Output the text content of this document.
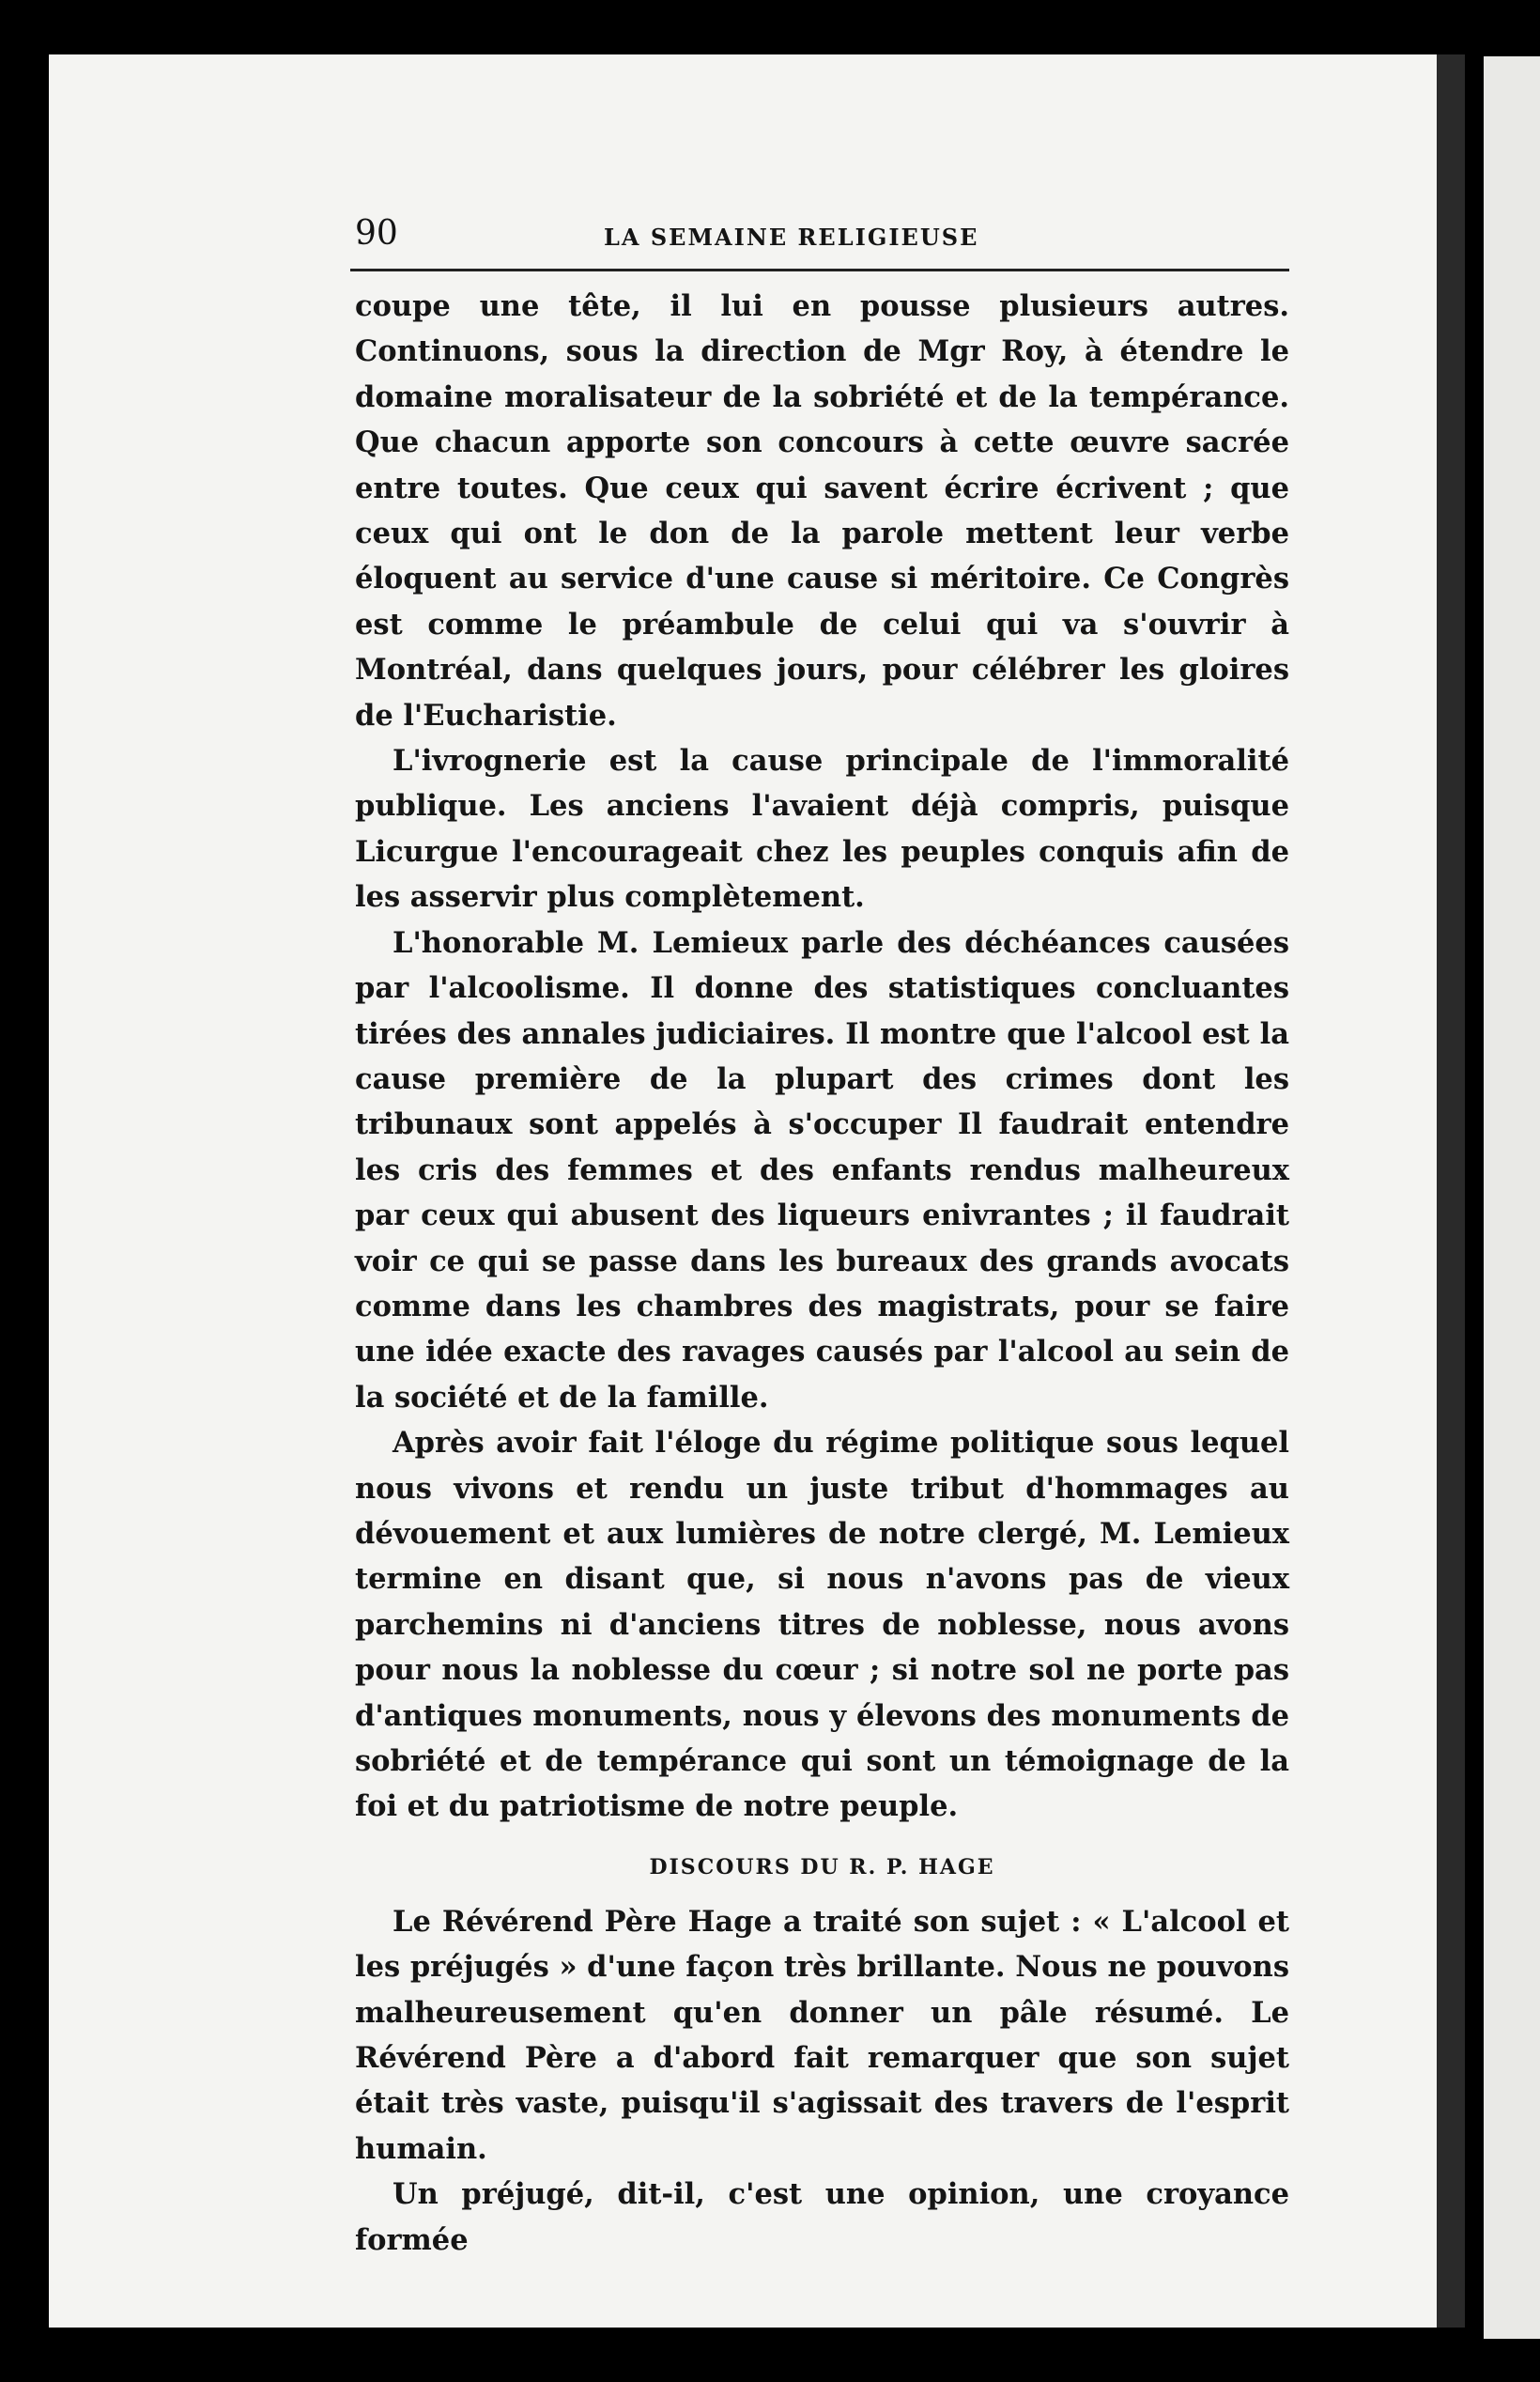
90	LA SEMAINE RELIGIEUSE

coupe une tête, il lui en pousse plusieurs autres. Continuons, sous la direction de Mgr Roy, à étendre le domaine moralisateur de la sobriété et de la tempérance. Que chacun apporte son concours à cette œuvre sacrée entre toutes. Que ceux qui savent écrire écrivent ; que ceux qui ont le don de la parole mettent leur verbe éloquent au service d'une cause si méritoire. Ce Congrès est comme le préambule de celui qui va s'ouvrir à Montréal, dans quelques jours, pour célébrer les gloires de l'Eucharistie.

L'ivrognerie est la cause principale de l'immoralité publique. Les anciens l'avaient déjà compris, puisque Licurgue l'encourageait chez les peuples conquis afin de les asservir plus complètement.

L'honorable M. Lemieux parle des déchéances causées par l'alcoolisme. Il donne des statistiques concluantes tirées des annales judiciaires. Il montre que l'alcool est la cause première de la plupart des crimes dont les tribunaux sont appelés à s'occuper Il faudrait entendre les cris des femmes et des enfants rendus malheureux par ceux qui abusent des liqueurs enivrantes ; il faudrait voir ce qui se passe dans les bureaux des grands avocats comme dans les chambres des magistrats, pour se faire une idée exacte des ravages causés par l'alcool au sein de la société et de la famille.

Après avoir fait l'éloge du régime politique sous lequel nous vivons et rendu un juste tribut d'hommages au dévouement et aux lumières de notre clergé, M. Lemieux termine en disant que, si nous n'avons pas de vieux parchemins ni d'anciens titres de noblesse, nous avons pour nous la noblesse du cœur ; si notre sol ne porte pas d'antiques monuments, nous y élevons des monuments de sobriété et de tempérance qui sont un témoignage de la foi et du patriotisme de notre peuple.

DISCOURS DU R. P. HAGE

Le Révérend Père Hage a traité son sujet : « L'alcool et les préjugés » d'une façon très brillante. Nous ne pouvons malheureusement qu'en donner un pâle résumé. Le Révérend Père a d'abord fait remarquer que son sujet était très vaste, puisqu'il s'agissait des travers de l'esprit humain.

Un préjugé, dit-il, c'est une opinion, une croyance formée
